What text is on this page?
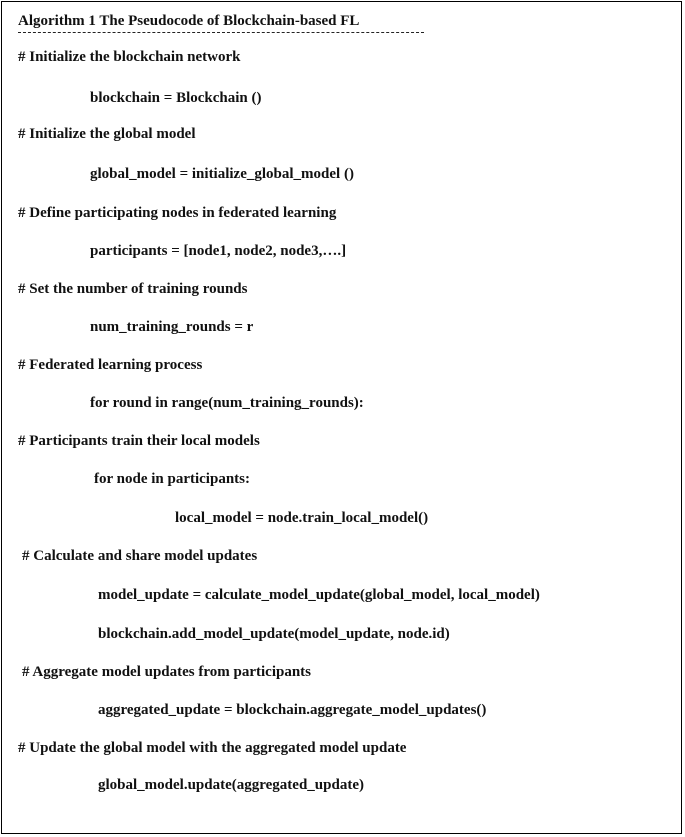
Algorithm 1 The Pseudocode of Blockchain-based FL
# Initialize the blockchain network
blockchain = Blockchain ()
# Initialize the global model
global_model = initialize_global_model ()
# Define participating nodes in federated learning
participants = [node1, node2, node3,….]
# Set the number of training rounds
num_training_rounds = r
# Federated learning process
for round in range(num_training_rounds):
# Participants train their local models
for node in participants:
local_model = node.train_local_model()
# Calculate and share model updates
model_update = calculate_model_update(global_model, local_model)
blockchain.add_model_update(model_update, node.id)
# Aggregate model updates from participants
aggregated_update = blockchain.aggregate_model_updates()
# Update the global model with the aggregated model update
global_model.update(aggregated_update)
